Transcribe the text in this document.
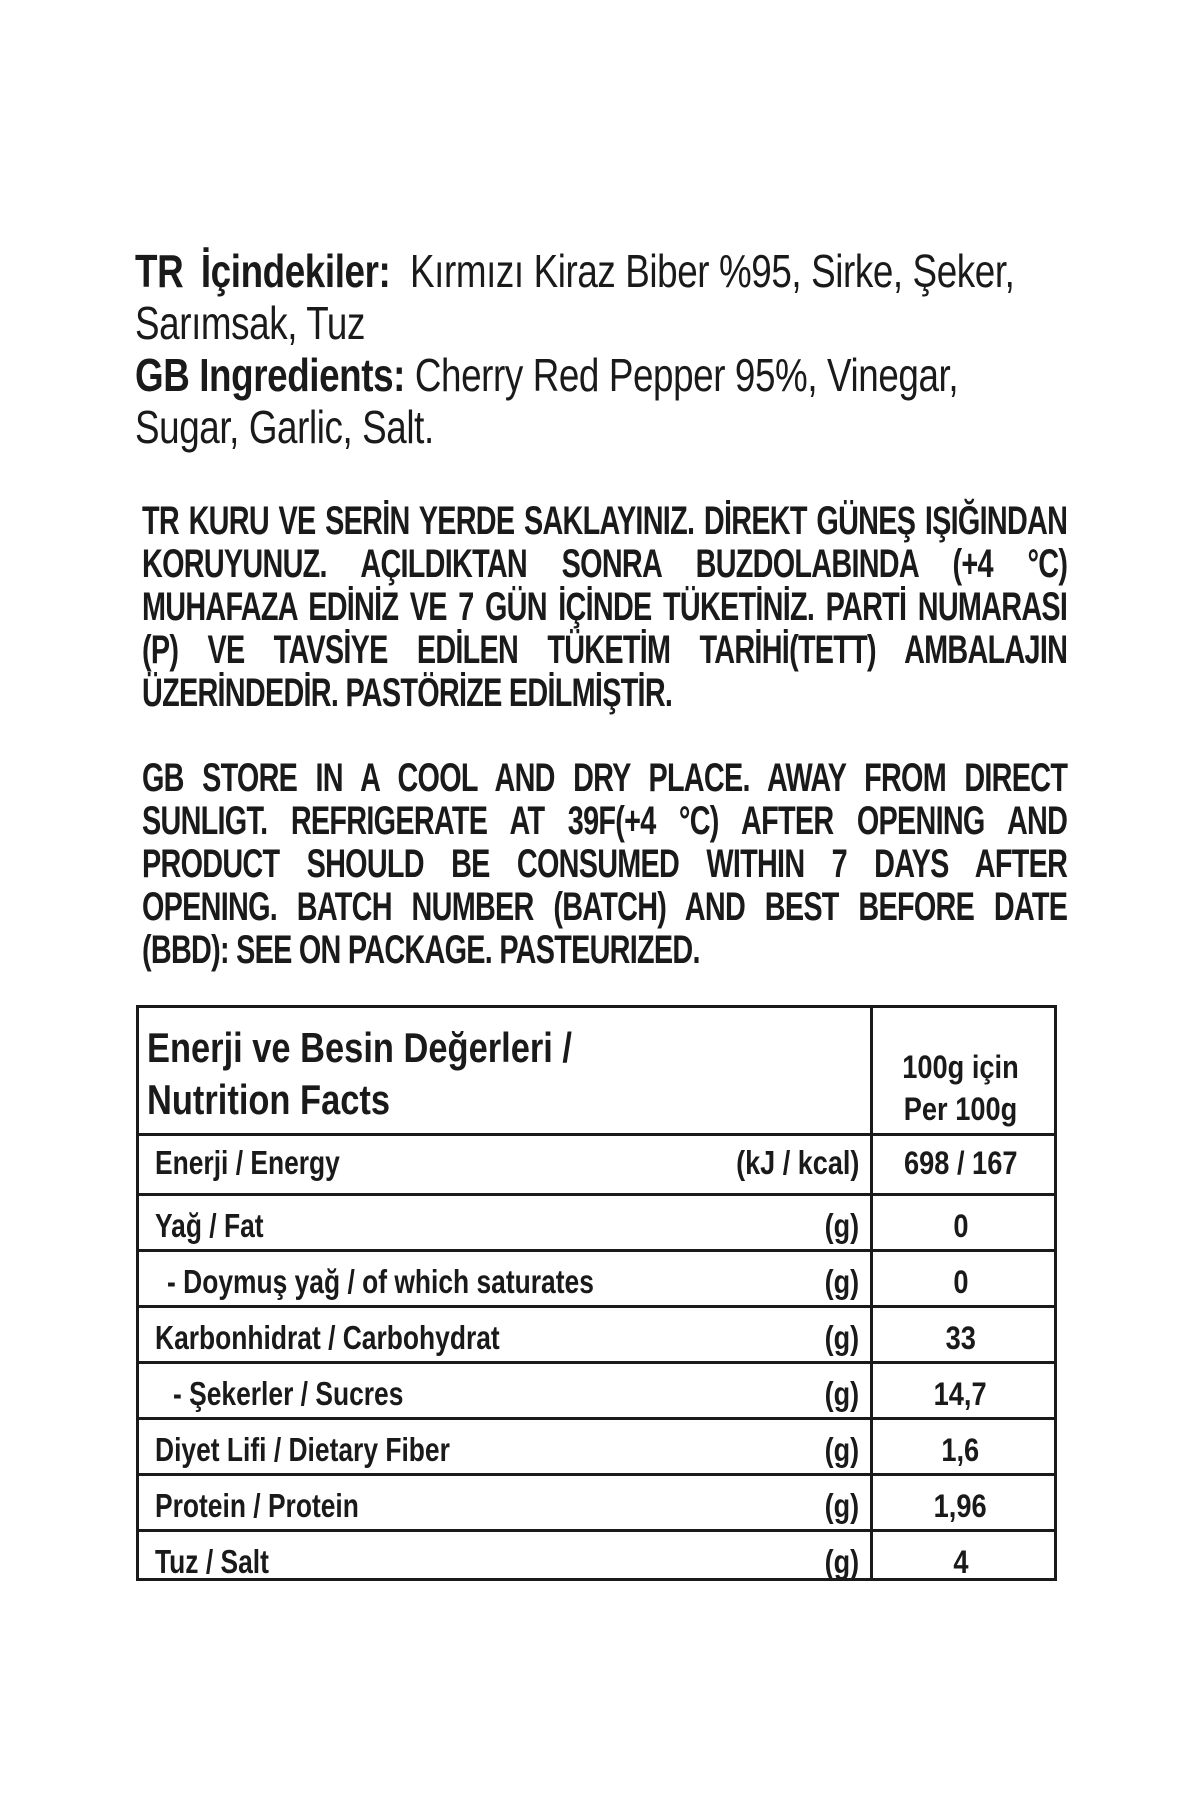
TR İçindekiler: Kırmızı Kiraz Biber %95, Sirke, Şeker, Sarımsak, Tuz

GB Ingredients: Cherry Red Pepper 95%, Vinegar, Sugar, Garlic, Salt.

TR KURU VE SERİN YERDE SAKLAYINIZ. DİREKT GÜNEŞ IŞIĞINDAN KORUYUNUZ. AÇILDIKTAN SONRA BUZDOLABINDA (+4 °C) MUHAFAZA EDİNİZ VE 7 GÜN İÇİNDE TÜKETİNİZ. PARTİ NUMARASI (P) VE TAVSİYE EDİLEN TÜKETİM TARİHİ(TETT) AMBALAJIN ÜZERİNDEDİR. PASTÖRİZE EDİLMİŞTİR.

GB STORE IN A COOL AND DRY PLACE. AWAY FROM DIRECT SUNLIGT. REFRIGERATE AT 39F(+4 °C) AFTER OPENING AND PRODUCT SHOULD BE CONSUMED WITHIN 7 DAYS AFTER OPENING. BATCH NUMBER (BATCH) AND BEST BEFORE DATE (BBD): SEE ON PACKAGE. PASTEURIZED.

Enerji ve Besin Değerleri /
Nutrition Facts
100g için
Per 100g
Enerji / Energy	(kJ / kcal)	698 / 167
Yağ / Fat	(g)	0
- Doymuş yağ / of which saturates	(g)	0
Karbonhidrat / Carbohydrat	(g)	33
- Şekerler / Sucres	(g)	14,7
Diyet Lifi / Dietary Fiber	(g)	1,6
Protein / Protein	(g)	1,96
Tuz / Salt	(g)	4
